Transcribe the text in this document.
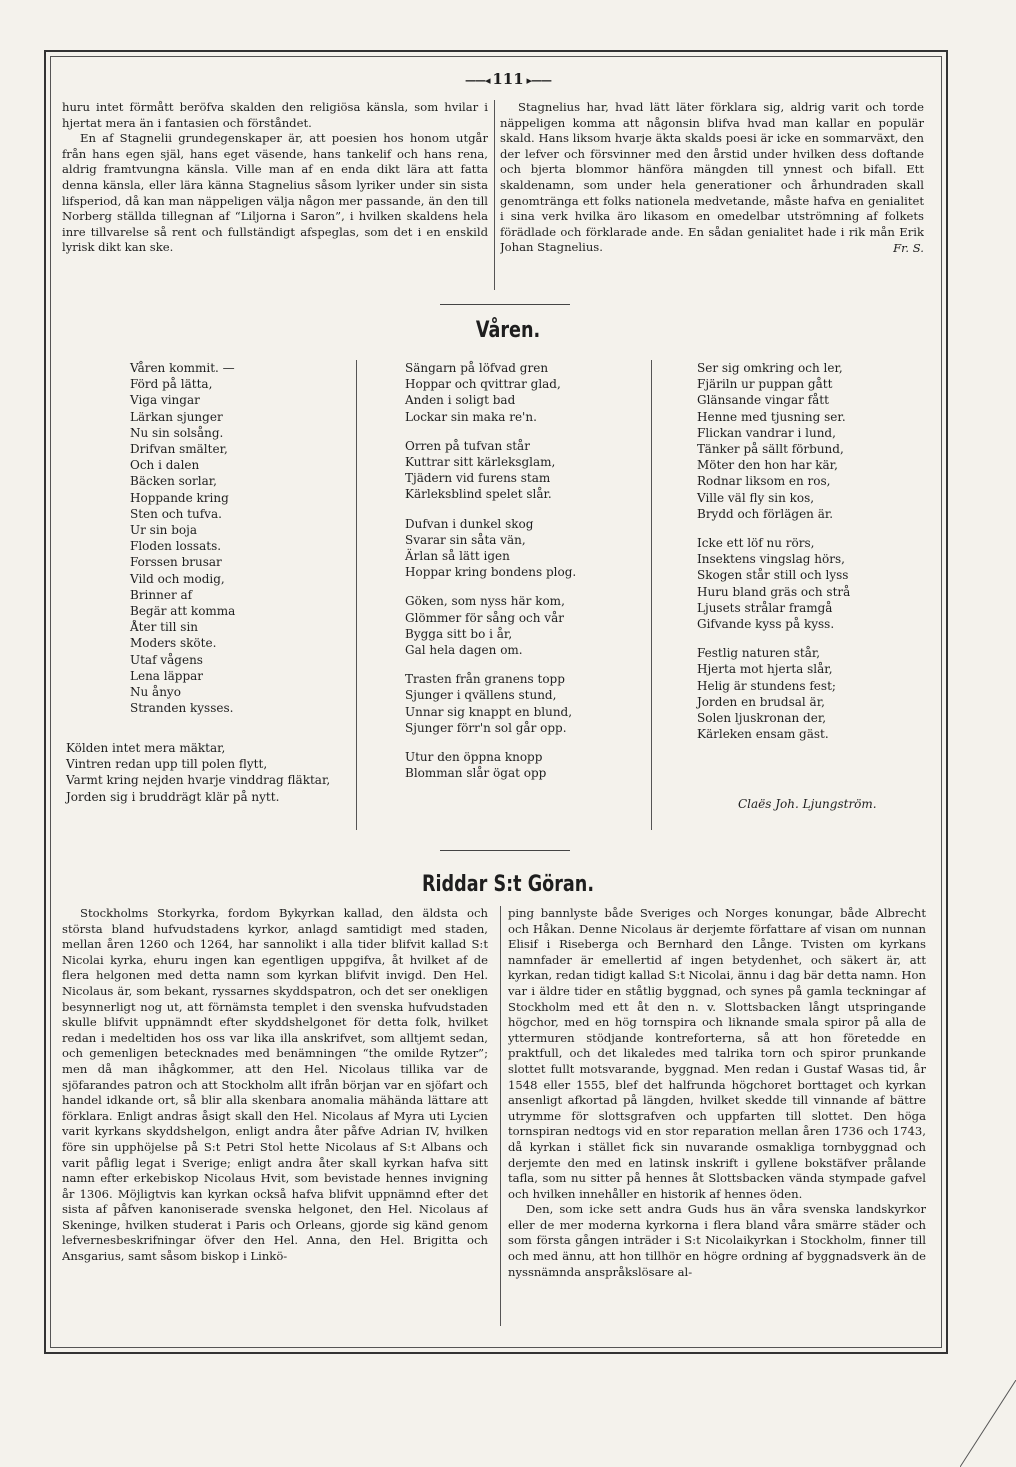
——◂ 111 ▸——

huru intet förmått beröfva skalden den religiösa känsla, som hvilar i hjertat mera än i fantasien och förståndet.

En af Stagnelii grundegenskaper är, att poesien hos honom utgår från hans egen själ, hans eget väsende, hans tankelif och hans rena, aldrig framtvungna känsla. Ville man af en enda dikt lära att fatta denna känsla, eller lära känna Stagnelius såsom lyriker under sin sista lifsperiod, då kan man näppeligen välja någon mer passande, än den till Norberg ställda tillegnan af “Liljorna i Saron”, i hvilken skaldens hela inre tillvarelse så rent och fullständigt afspeglas, som det i en enskild lyrisk dikt kan ske.

Stagnelius har, hvad lätt läter förklara sig, aldrig varit och torde näppeligen komma att någonsin blifva hvad man kallar en populär skald. Hans liksom hvarje äkta skalds poesi är icke en sommarväxt, den der lefver och försvinner med den årstid under hvilken dess doftande och bjerta blommor hänföra mängden till ynnest och bifall. Ett skaldenamn, som under hela generationer och århundraden skall genomtränga ett folks nationela medvetande, måste hafva en genialitet i sina verk hvilka äro likasom en omedelbar utströmning af folkets förädlade och förklarade ande. En sådan genialitet hade i rik mån Erik Johan Stagnelius.	Fr. S.
Våren.
Våren kommit. —
Förd på lätta,
Viga vingar
Lärkan sjunger
Nu sin solsång.
Drifvan smälter,
Och i dalen
Bäcken sorlar,
Hoppande kring
Sten och tufva.
Ur sin boja
Floden lossats.
Forssen brusar
Vild och modig,
Brinner af
Begär att komma
Åter till sin
Moders sköte.
Utaf vågens
Lena läppar
Nu ånyo
Stranden kysses.
Kölden intet mera mäktar,
Vintren redan upp till polen flytt,
Varmt kring nejden hvarje vinddrag fläktar,
Jorden sig i bruddrägt klär på nytt.
Sängarn på löfvad gren
Hoppar och qvittrar glad,
Anden i soligt bad
Lockar sin maka re'n.
Orren på tufvan står
Kuttrar sitt kärleksglam,
Tjädern vid furens stam
Kärleksblind spelet slår.
Dufvan i dunkel skog
Svarar sin såta vän,
Ärlan så lätt igen
Hoppar kring bondens plog.
Göken, som nyss här kom,
Glömmer för sång och vår
Bygga sitt bo i år,
Gal hela dagen om.
Trasten från granens topp
Sjunger i qvällens stund,
Unnar sig knappt en blund,
Sjunger förr'n sol går opp.
Utur den öppna knopp
Blomman slår ögat opp
Ser sig omkring och ler,
Fjäriln ur puppan gått
Glänsande vingar fått
Henne med tjusning ser.
Flickan vandrar i lund,
Tänker på sällt förbund,
Möter den hon har kär,
Rodnar liksom en ros,
Ville väl fly sin kos,
Brydd och förlägen är.
Icke ett löf nu rörs,
Insektens vingslag hörs,
Skogen står still och lyss
Huru bland gräs och strå
Ljusets strålar framgå
Gifvande kyss på kyss.
Festlig naturen står,
Hjerta mot hjerta slår,
Helig är stundens fest;
Jorden en brudsal är,
Solen ljuskronan der,
Kärleken ensam gäst.
Claës Joh. Ljungström.
Riddar S:t Göran.

Stockholms Storkyrka, fordom Bykyrkan kallad, den äldsta och största bland hufvudstadens kyrkor, anlagd samtidigt med staden, mellan åren 1260 och 1264, har sannolikt i alla tider blifvit kallad S:t Nicolai kyrka, ehuru ingen kan egentligen uppgifva, åt hvilket af de flera helgonen med detta namn som kyrkan blifvit invigd. Den Hel. Nicolaus är, som bekant, ryssarnes skyddspatron, och det ser onekligen besynnerligt nog ut, att förnämsta templet i den svenska hufvudstaden skulle blifvit uppnämndt efter skyddshelgonet för detta folk, hvilket redan i medeltiden hos oss var lika illa anskrifvet, som alltjemt sedan, och gemenligen betecknades med benämningen “the omilde Rytzer”; men då man ihågkommer, att den Hel. Nicolaus tillika var de sjöfarandes patron och att Stockholm allt ifrån början var en sjöfart och handel idkande ort, så blir alla skenbara anomalia mähända lättare att förklara. Enligt andras åsigt skall den Hel. Nicolaus af Myra uti Lycien varit kyrkans skyddshelgon, enligt andra åter påfve Adrian IV, hvilken före sin upphöjelse på S:t Petri Stol hette Nicolaus af S:t Albans och varit påflig legat i Sverige; enligt andra åter skall kyrkan hafva sitt namn efter erkebiskop Nicolaus Hvit, som bevistade hennes invigning år 1306. Möjligtvis kan kyrkan också hafva blifvit uppnämnd efter det sista af påfven kanoniserade svenska helgonet, den Hel. Nicolaus af Skeninge, hvilken studerat i Paris och Orleans, gjorde sig känd genom lefvernesbeskrifningar öfver den Hel. Anna, den Hel. Brigitta och Ansgarius, samt såsom biskop i Linkö-

ping bannlyste både Sveriges och Norges konungar, både Albrecht och Håkan. Denne Nicolaus är derjemte författare af visan om nunnan Elisif i Riseberga och Bernhard den Långe. Tvisten om kyrkans namnfader är emellertid af ingen betydenhet, och säkert är, att kyrkan, redan tidigt kallad S:t Nicolai, ännu i dag bär detta namn. Hon var i äldre tider en ståtlig byggnad, och synes på gamla teckningar af Stockholm med ett åt den n. v. Slottsbacken långt utspringande högchor, med en hög tornspira och liknande smala spiror på alla de yttermuren stödjande kontreforterna, så att hon företedde en praktfull, och det likaledes med talrika torn och spiror prunkande slottet fullt motsvarande, byggnad. Men redan i Gustaf Wasas tid, år 1548 eller 1555, blef det halfrunda högchoret borttaget och kyrkan ansenligt afkortad på längden, hvilket skedde till vinnande af bättre utrymme för slottsgrafven och uppfarten till slottet. Den höga tornspiran nedtogs vid en stor reparation mellan åren 1736 och 1743, då kyrkan i stället fick sin nuvarande osmakliga tornbyggnad och derjemte den med en latinsk inskrift i gyllene bokstäfver prålande tafla, som nu sitter på hennes åt Slottsbacken vända stympade gafvel och hvilken innehåller en historik af hennes öden.

Den, som icke sett andra Guds hus än våra svenska landskyrkor eller de mer moderna kyrkorna i flera bland våra smärre städer och som första gången inträder i S:t Nicolaikyrkan i Stockholm, finner till och med ännu, att hon tillhör en högre ordning af byggnadsverk än de nyssnämnda anspråkslösare al-
